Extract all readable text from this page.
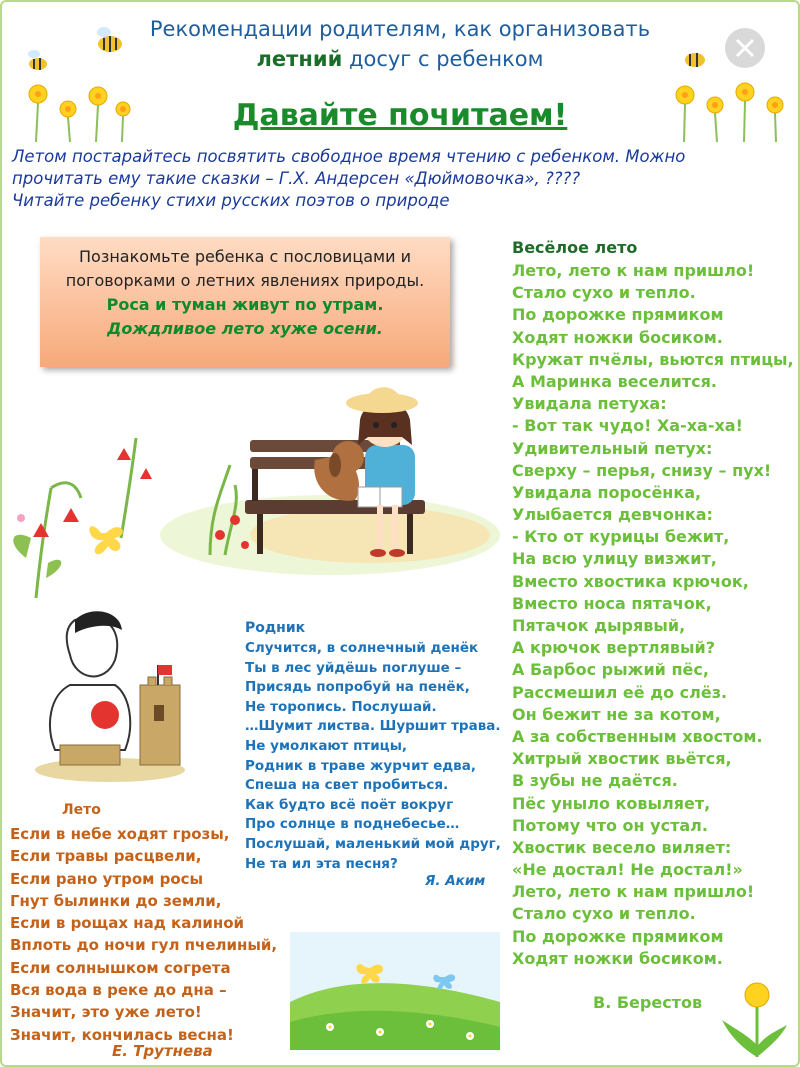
Рекомендации родителям, как организовать
летний досуг с ребенком
Давайте почитаем!

Летом постарайтесь посвятить свободное время чтению с ребенком. Можно

прочитать ему такие сказки – Г.Х. Андерсен «Дюймовочка», ????

Читайте ребенку стихи русских поэтов о природе

Познакомьте ребенка с пословицами и
поговорками о летних явлениях природы.
Роса и туман живут по утрам.
Дождливое лето хуже осени.
Весёлое лето
Лето, лето к нам пришло!
Стало сухо и тепло.
По дорожке прямиком
Ходят ножки босиком.
Кружат пчёлы, вьются птицы,
А Маринка веселится.
Увидала петуха:
- Вот так чудо! Ха-ха-ха!
Удивительный петух:
Сверху – перья, снизу – пух!
Увидала поросёнка,
Улыбается девчонка:
- Кто от курицы бежит,
На всю улицу визжит,
Вместо хвостика крючок,
Вместо носа пятачок,
Пятачок дырявый,
А крючок вертлявый?
А Барбос рыжий пёс,
Рассмешил её до слёз.
Он бежит не за котом,
А за собственным хвостом.
Хитрый хвостик вьётся,
В зубы не даётся.
Пёс уныло ковыляет,
Потому что он устал.
Хвостик весело виляет:
«Не достал! Не достал!»
Лето, лето к нам пришло!
Стало сухо и тепло.
По дорожке прямиком
Ходят ножки босиком.
В. Берестов
Родник
Случится, в солнечный денёк
Ты в лес уйдёшь поглуше –
Присядь попробуй на пенёк,
Не торопись. Послушай.
…Шумит листва. Шуршит трава.
Не умолкают птицы,
Родник в траве журчит едва,
Спеша на свет пробиться.
Как будто всё поёт вокруг
Про солнце в поднебесье…
Послушай, маленький мой друг,
Не та ил эта песня?
Я. Аким
Лето
Если в небе ходят грозы,
Если травы расцвели,
Если рано утром росы
Гнут былинки до земли,
Если в рощах над калиной
Вплоть до ночи гул пчелиный,
Если солнышком согрета
Вся вода в реке до дна –
Значит, это уже лето!
Значит, кончилась весна!
Е. Трутнева
